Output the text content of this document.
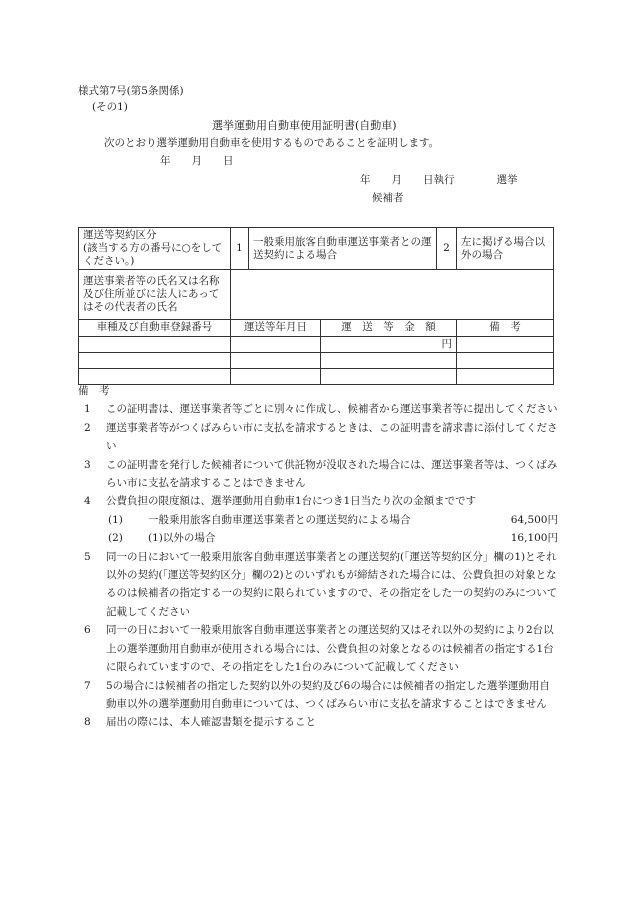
様式第7号(第5条関係)
(その1)
選挙運動用自動車使用証明書(自動車)
次のとおり選挙運動用自動車を使用するものであることを証明します。
年　　月　　日
年　　月　　日執行　　　　選挙
候補者
運送等契約区分
(該当する方の番号に○をしてください。)	1	一般乗用旅客自動車運送事業者との運送契約による場合		2	左に掲げる場合以外の場合
運送事業者等の氏名又は名称及び住所並びに法人にあってはその代表者の氏名					
車種及び自動車登録番号	運送等年月日		運　送　等　金　額		備　考
			円		

備　考
1	この証明書は、運送事業者等ごとに別々に作成し、候補者から運送事業者等に提出してください
2	運送事業者等がつくばみらい市に支払を請求するときは、この証明書を請求書に添付してください
3	この証明書を発行した候補者について供託物が没収された場合には、運送事業者等は、つくばみらい市に支払を請求することはできません
4	公費負担の限度額は、選挙運動用自動車1台につき1日当たり次の金額までです
(1)	一般乗用旅客自動車運送事業者との運送契約による場合	64,500円
(2)	(1)以外の場合	16,100円
5	同一の日において一般乗用旅客自動車運送事業者との運送契約(「運送等契約区分」欄の1)とそれ以外の契約(「運送等契約区分」欄の2)とのいずれもが締結された場合には、公費負担の対象となるのは候補者の指定する一の契約に限られていますので、その指定をした一の契約のみについて記載してください
6	同一の日において一般乗用旅客自動車運送事業者との運送契約又はそれ以外の契約により2台以上の選挙運動用自動車が使用される場合には、公費負担の対象となるのは候補者の指定する1台に限られていますので、その指定をした1台のみについて記載してください
7	5の場合には候補者の指定した契約以外の契約及び6の場合には候補者の指定した選挙運動用自動車以外の選挙運動用自動車については、つくばみらい市に支払を請求することはできません
8	届出の際には、本人確認書類を提示すること
